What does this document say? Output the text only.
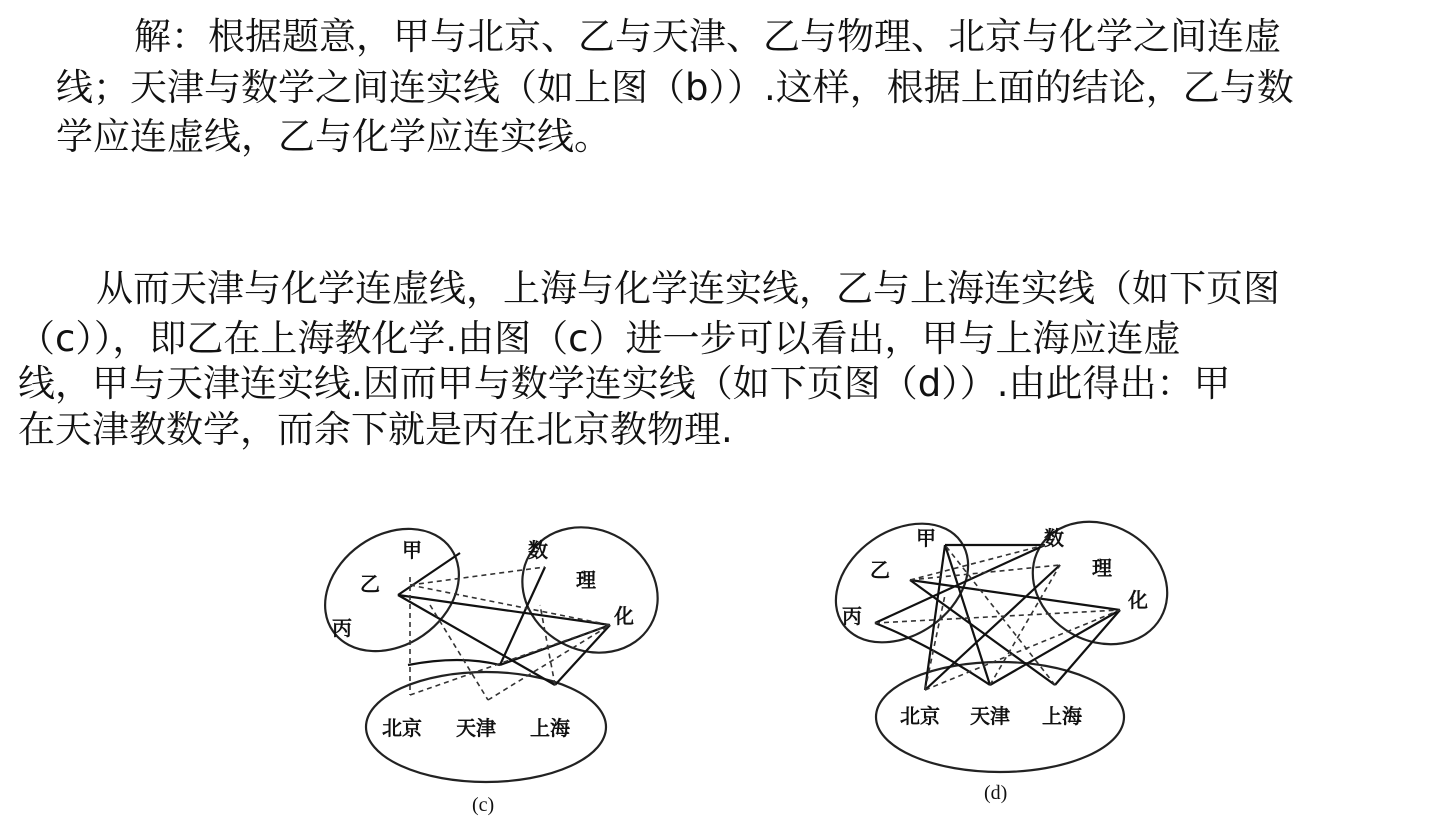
解：根据题意，甲与北京、乙与天津、乙与物理、北京与化学之间连虚
线；天津与数学之间连实线（如上图（b））.这样，根据上面的结论，乙与数
学应连虚线，乙与化学应连实线。
从而天津与化学连虚线，上海与化学连实线，乙与上海连实线（如下页图
（c）），即乙在上海教化学.由图（c）进一步可以看出，甲与上海应连虚
线，甲与天津连实线.因而甲与数学连实线（如下页图（d））.由此得出：甲
在天津教数学，而余下就是丙在北京教物理.
甲
乙
丙
数
理
化
北京 天津 上海
(c)
甲
乙
丙
数
理
化
北京 天津 上海
(d)
